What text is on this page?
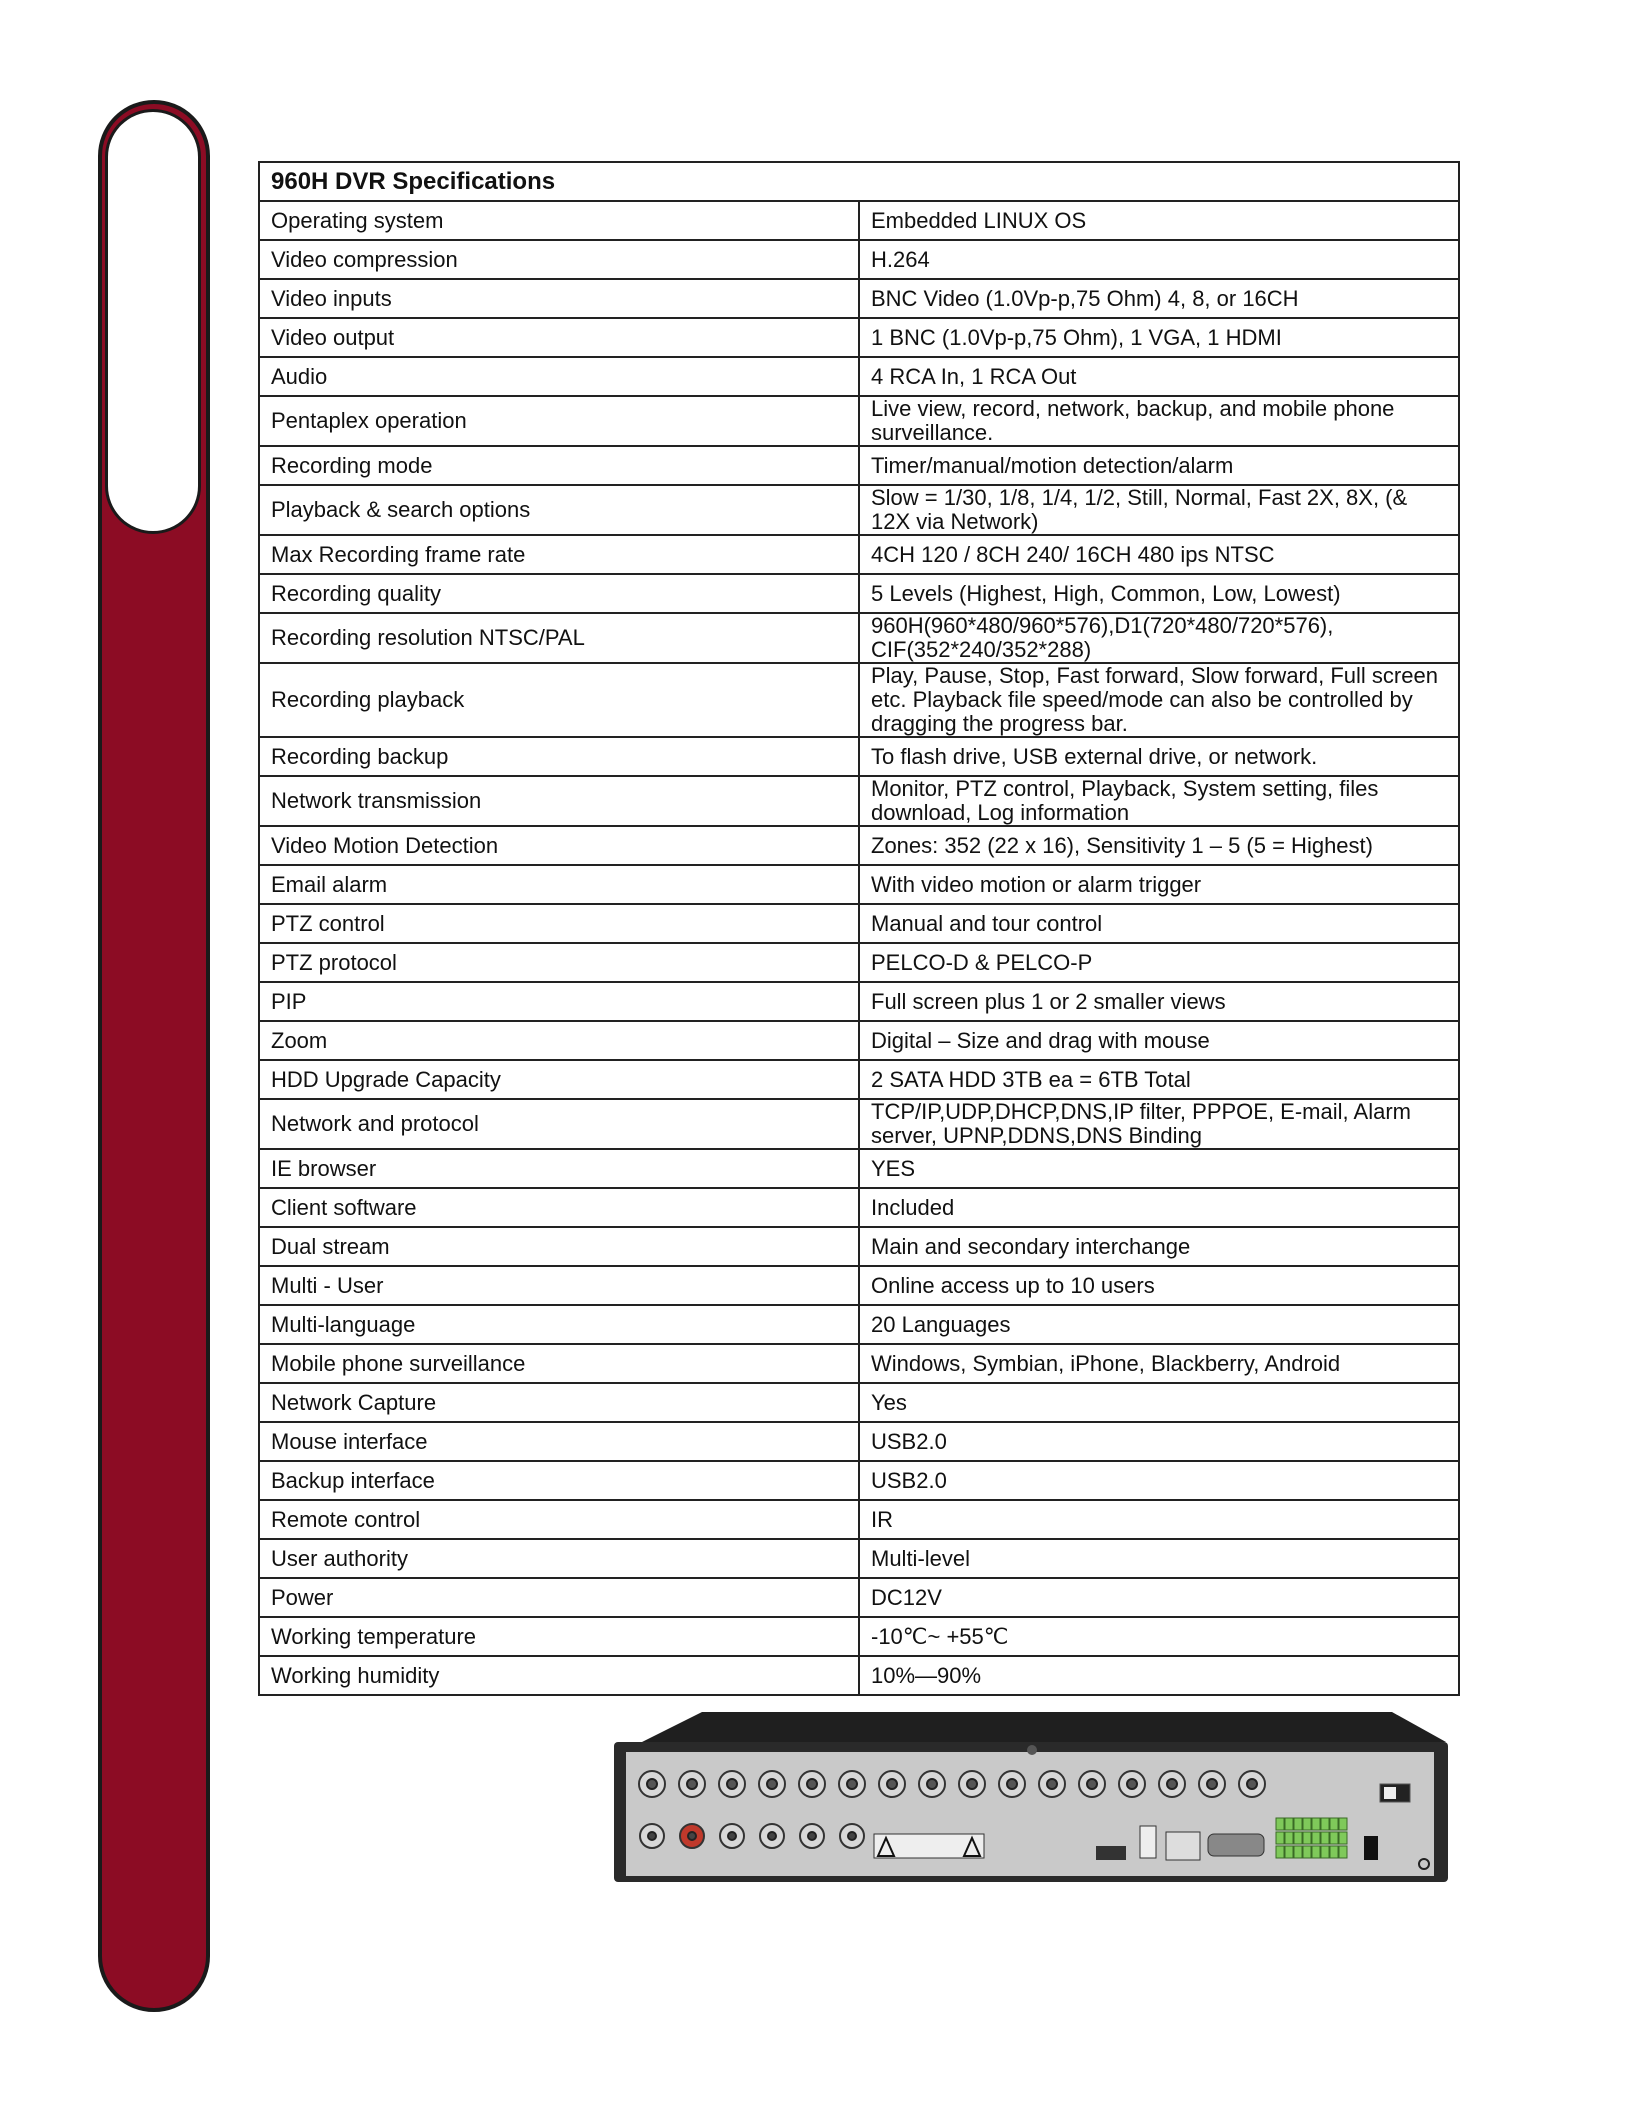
960H DVR Specifications	
Operating system	Embedded LINUX OS
Video compression	H.264
Video inputs	BNC Video (1.0Vp-p,75 Ohm) 4, 8, or 16CH
Video output	1 BNC (1.0Vp-p,75 Ohm), 1 VGA, 1 HDMI
Audio	4 RCA In, 1 RCA Out
Pentaplex operation	Live view, record, network, backup, and mobile phone surveillance.
Recording mode	Timer/manual/motion detection/alarm
Playback & search options	Slow = 1/30, 1/8, 1/4, 1/2, Still, Normal, Fast 2X, 8X, (& 12X via Network)
Max Recording frame rate	4CH 120 / 8CH 240/ 16CH 480 ips NTSC
Recording quality	5 Levels (Highest, High, Common, Low, Lowest)
Recording resolution NTSC/PAL	960H(960*480/960*576),D1(720*480/720*576), CIF(352*240/352*288)
Recording playback	Play, Pause, Stop, Fast forward, Slow forward, Full screen etc. Playback file speed/mode can also be controlled by dragging the progress bar.
Recording backup	To flash drive, USB external drive, or network.
Network transmission	Monitor, PTZ control, Playback, System setting, files download, Log information
Video Motion Detection	Zones: 352 (22 x 16), Sensitivity 1 – 5 (5 = Highest)
Email alarm	With video motion or alarm trigger
PTZ control	Manual and tour control
PTZ protocol	PELCO-D & PELCO-P
PIP	Full screen plus 1 or 2 smaller views
Zoom	Digital – Size and drag with mouse
HDD Upgrade Capacity	2 SATA HDD 3TB ea = 6TB Total
Network and protocol	TCP/IP,UDP,DHCP,DNS,IP filter, PPPOE, E-mail, Alarm server, UPNP,DDNS,DNS Binding
IE browser	YES
Client software	Included
Dual stream	Main and secondary interchange
Multi - User	Online access up to 10 users
Multi-language	20 Languages
Mobile phone surveillance	Windows, Symbian, iPhone, Blackberry, Android
Network Capture	Yes
Mouse interface	USB2.0
Backup interface	USB2.0
Remote control	IR
User authority	Multi-level
Power	DC12V
Working temperature	-10℃~ +55℃
Working humidity	10%—90%
